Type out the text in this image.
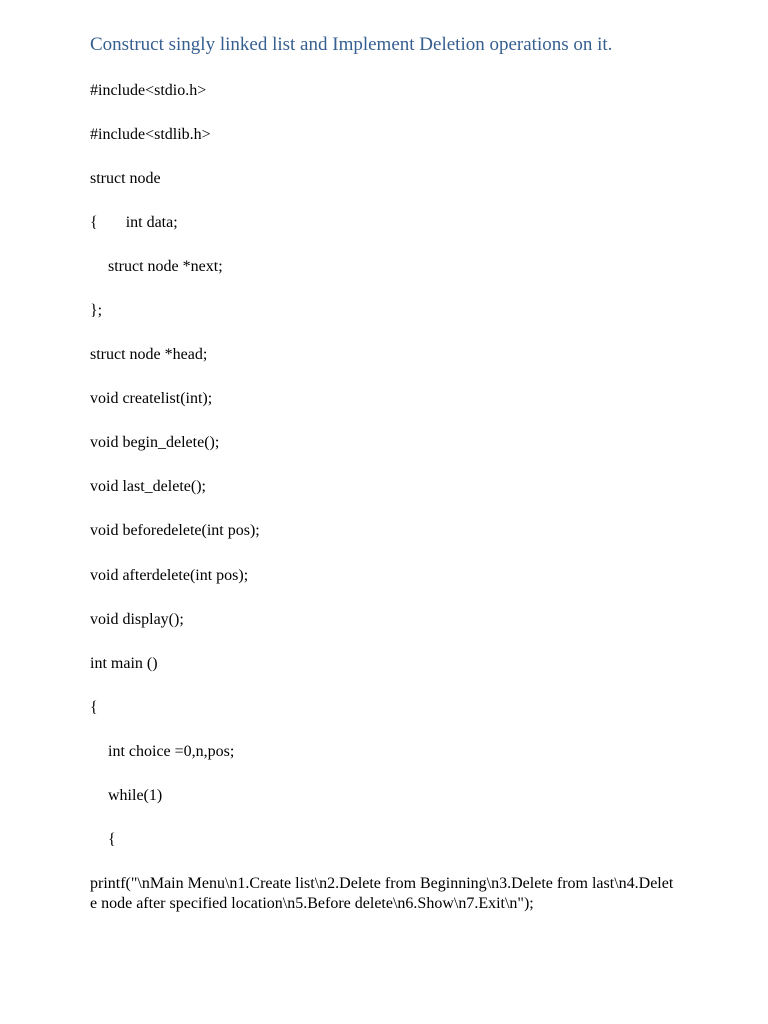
Construct singly linked list and Implement Deletion operations on it.
#include<stdio.h>
#include<stdlib.h>
struct node
{ int data;
struct node *next;
};
struct node *head;
void createlist(int);
void begin_delete();
void last_delete();
void beforedelete(int pos);
void afterdelete(int pos);
void display();
int main ()
{
int choice =0,n,pos;
while(1)
{
printf("\nMain Menu\n1.Create list\n2.Delete from Beginning\n3.Delete from last\n4.Delete node after specified location\n5.Before delete\n6.Show\n7.Exit\n");
